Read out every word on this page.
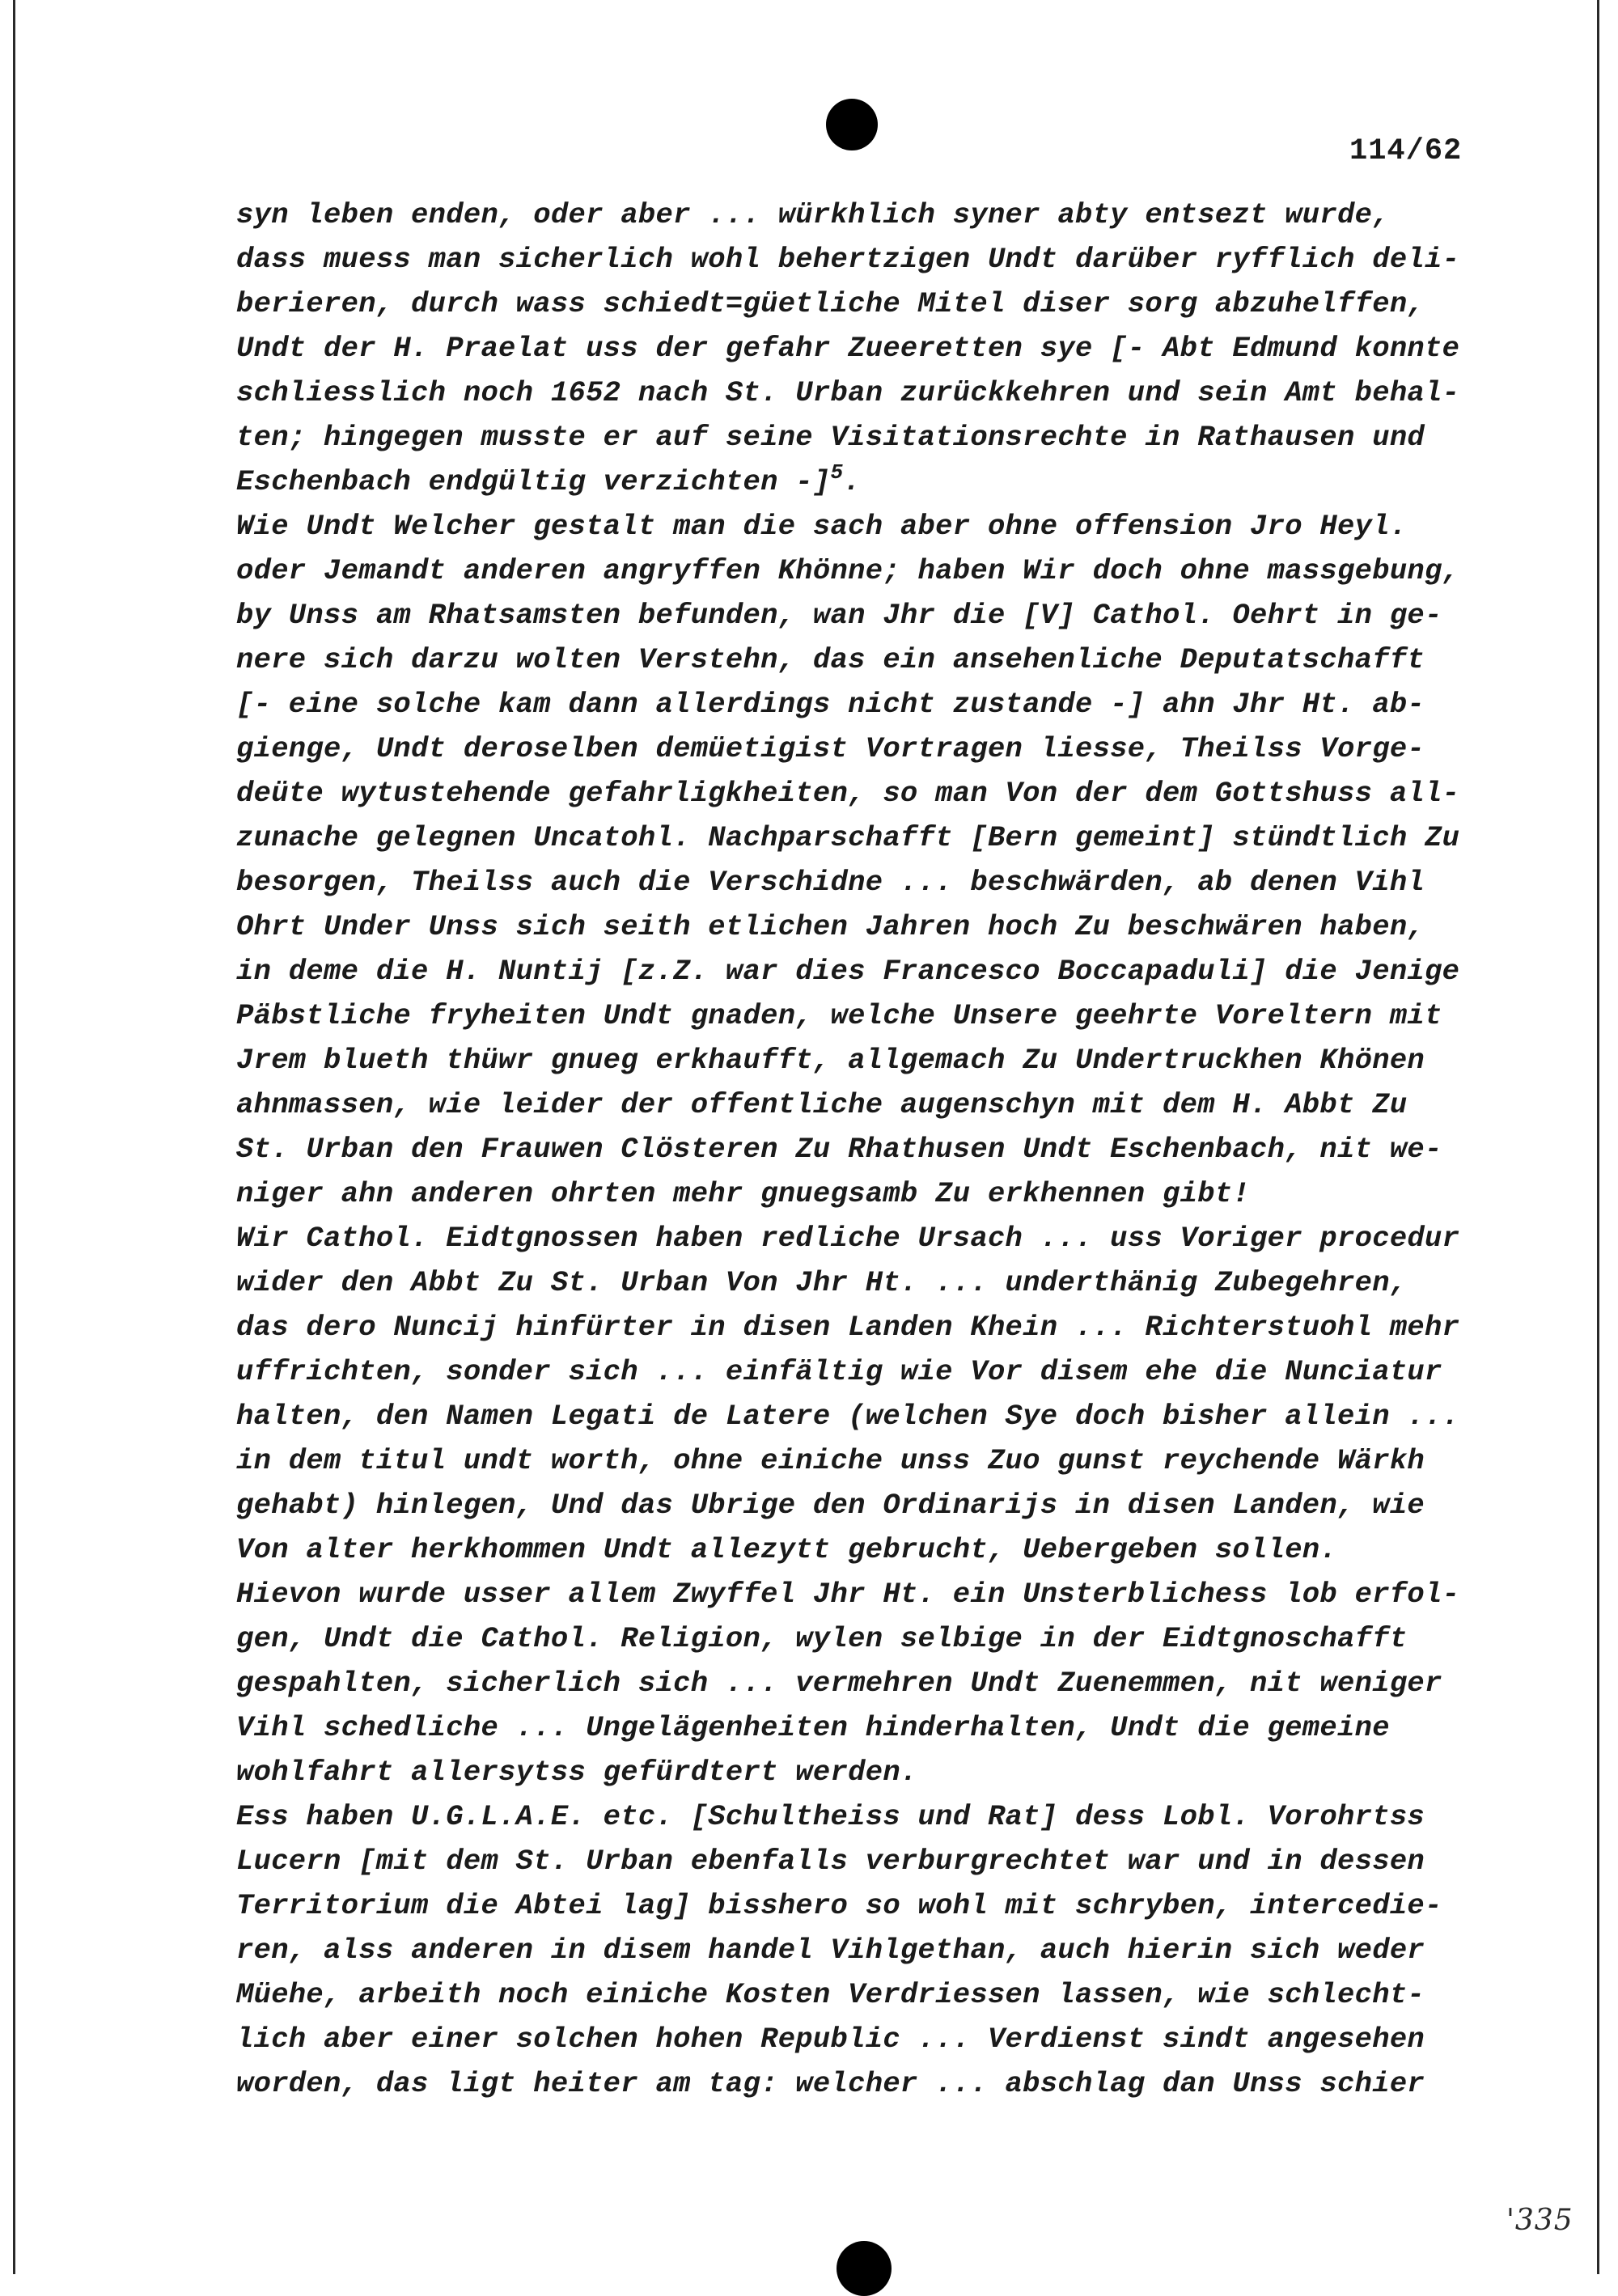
114/62
syn leben enden, oder aber ... würkhlich syner abty entsezt wurde,
dass muess man sicherlich wohl behertzigen Undt darüber ryfflich deli-
berieren, durch wass schiedt=güetliche Mitel diser sorg abzuhelffen,
Undt der H. Praelat uss der gefahr Zueeretten sye [- Abt Edmund konnte
schliesslich noch 1652 nach St. Urban zurückkehren und sein Amt behal-
ten; hingegen musste er auf seine Visitationsrechte in Rathausen und
Eschenbach endgültig verzichten -]$^5$.
Wie Undt Welcher gestalt man die sach aber ohne offension Jro Heyl.
oder Jemandt anderen angryffen Khönne; haben Wir doch ohne massgebung,
by Unss am Rhatsamsten befunden, wan Jhr die [V] Cathol. Oehrt in ge-
nere sich darzu wolten Verstehn, das ein ansehenliche Deputatschafft
[- eine solche kam dann allerdings nicht zustande -] ahn Jhr Ht. ab-
gienge, Undt deroselben demüetigist Vortragen liesse, Theilss Vorge-
deüte wytustehende gefahrligkheiten, so man Von der dem Gottshuss all-
zunache gelegnen Uncatohl. Nachparschafft [Bern gemeint] stündtlich Zu
besorgen, Theilss auch die Verschidne ... beschwärden, ab denen Vihl
Ohrt Under Unss sich seith etlichen Jahren hoch Zu beschwären haben,
in deme die H. Nuntij [z.Z. war dies Francesco Boccapaduli] die Jenige
Päbstliche fryheiten Undt gnaden, welche Unsere geehrte Voreltern mit
Jrem blueth thüwr gnueg erkhaufft, allgemach Zu Undertruckhen Khönen
ahnmassen, wie leider der offentliche augenschyn mit dem H. Abbt Zu
St. Urban den Frauwen Clösteren Zu Rhathusen Undt Eschenbach, nit we-
niger ahn anderen ohrten mehr gnuegsamb Zu erkhennen gibt!
Wir Cathol. Eidtgnossen haben redliche Ursach ... uss Voriger procedur
wider den Abbt Zu St. Urban Von Jhr Ht. ... underthänig Zubegehren,
das dero Nuncij hinfürter in disen Landen Khein ... Richterstuohl mehr
uffrichten, sonder sich ... einfältig wie Vor disem ehe die Nunciatur
halten, den Namen Legati de Latere (welchen Sye doch bisher allein ...
in dem titul undt worth, ohne einiche unss Zuo gunst reychende Wärkh
gehabt) hinlegen, Und das Ubrige den Ordinarijs in disen Landen, wie
Von alter herkhommen Undt allezytt gebrucht, Uebergeben sollen.
Hievon wurde usser allem Zwyffel Jhr Ht. ein Unsterblichess lob erfol-
gen, Undt die Cathol. Religion, wylen selbige in der Eidtgnoschafft
gespahlten, sicherlich sich ... vermehren Undt Zuenemmen, nit weniger
Vihl schedliche ... Ungelägenheiten hinderhalten, Undt die gemeine
wohlfahrt allersytss gefürdtert werden.
Ess haben U.G.L.A.E. etc. [Schultheiss und Rat] dess Lobl. Vorohrtss
Lucern [mit dem St. Urban ebenfalls verburgrechtet war und in dessen
Territorium die Abtei lag] bisshero so wohl mit schryben, intercedie-
ren, alss anderen in disem handel Vihlgethan, auch hierin sich weder
Müehe, arbeith noch einiche Kosten Verdriessen lassen, wie schlecht-
lich aber einer solchen hohen Republic ... Verdienst sindt angesehen
worden, das ligt heiter am tag: welcher ... abschlag dan Unss schier
'335
